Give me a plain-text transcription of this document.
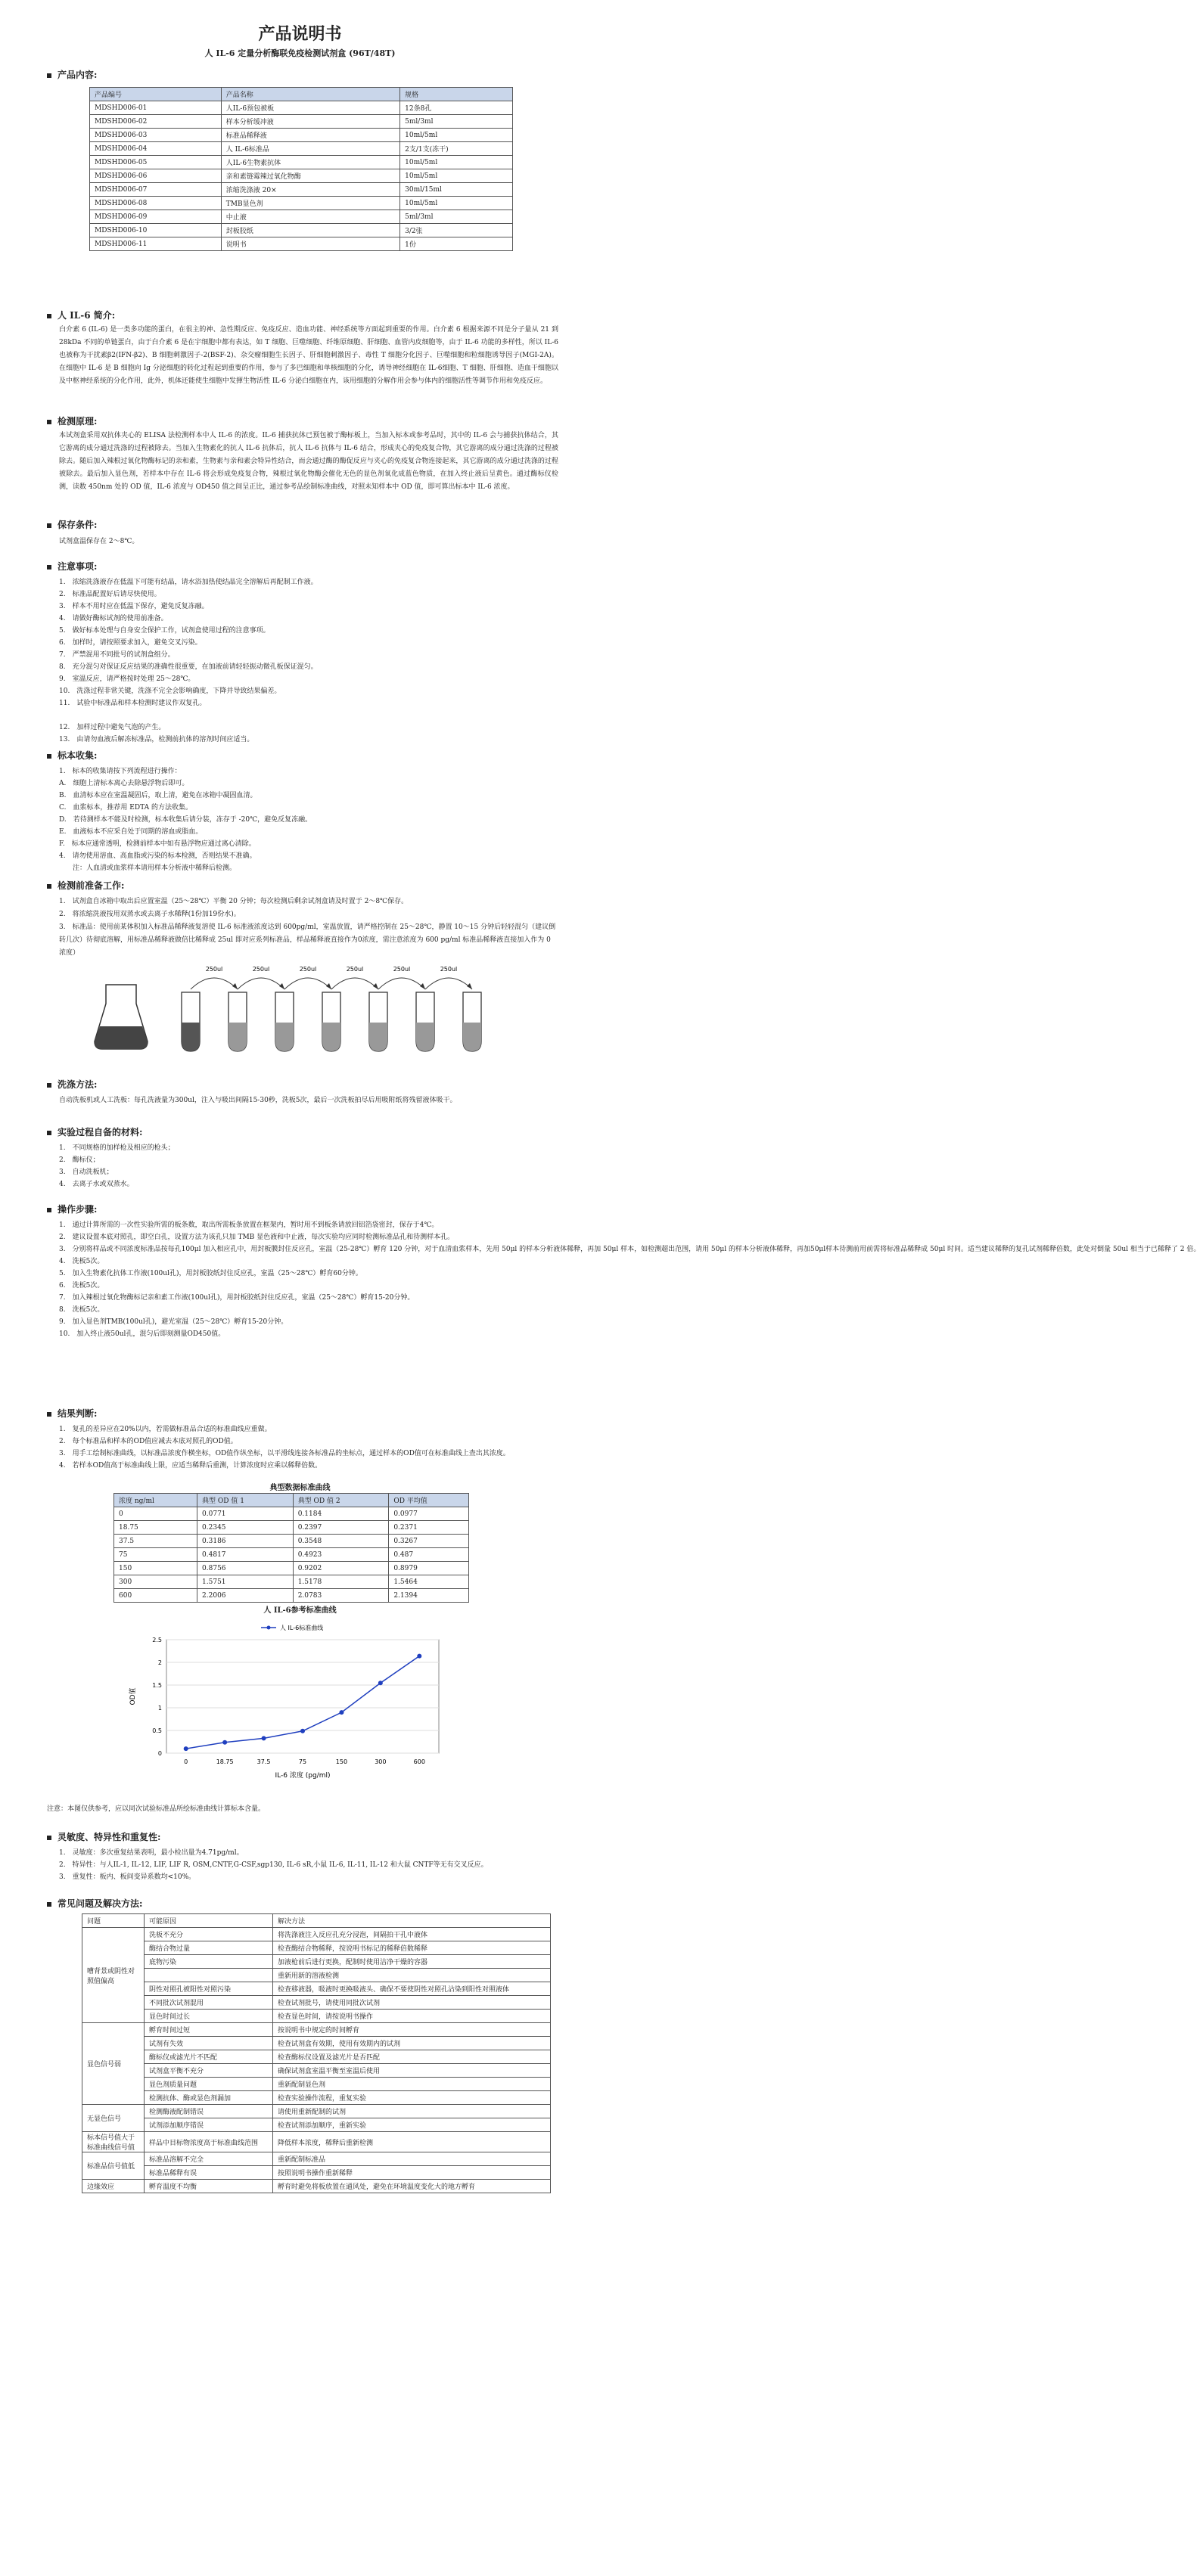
产品说明书
人 IL-6 定量分析酶联免疫检测试剂盒 (96T/48T)
产品内容:
产品编号	产品名称	规格
MDSHD006-01	人IL-6预包被板	12条8孔
MDSHD006-02	样本分析缓冲液	5ml/3ml
MDSHD006-03	标准品稀释液	10ml/5ml
MDSHD006-04	人 IL-6标准品	2支/1支(冻干)
MDSHD006-05	人IL-6生物素抗体	10ml/5ml
MDSHD006-06	亲和素链霉辣过氧化物酶	10ml/5ml
MDSHD006-07	浓缩洗涤液 20×	30ml/15ml
MDSHD006-08	TMB显色剂	10ml/5ml
MDSHD006-09	中止液	5ml/3ml
MDSHD006-10	封板胶纸	3/2张
MDSHD006-11	说明书	1份
人 IL-6 简介:
白介素 6 (IL-6) 是一类多功能的蛋白，在很主的神、急性期反应、免疫反应、造血功能、神经系统等方面起到重要的作用。白介素 6 根据来源不同是分子量从 21 到 28kDa 不同的单链蛋白，由于白介素 6 是在宇细胞中都有表达，如 T 细胞、巨噬细胞、纤维原细胞、肝细胞、血管内皮细胞等，由于 IL-6 功能的多样性，所以 IL-6也被称为干扰素β2(IFN-β2)、B 细胞刺激因子-2(BSF-2)、杂交瘤细胞生长因子、肝细胞刺激因子、毒性 T 细胞分化因子、巨噬细胞和粒细胞诱导因子(MGI-2A)。在细胞中 IL-6 是 B 细胞向 Ig 分泌细胞的转化过程起到重要的作用，参与了多巴细胞和单核细胞的分化，诱导神经细胞在 IL-6细胞、T 细胞、肝细胞、造血干细胞以及中枢神经系统的分化作用，此外，机体还能使生细胞中发揮生物活性 IL-6 分泌白细胞在内，该用细胞的分解作用会参与体内的细胞活性等调节作用和免疫反应。
检测原理:
本试剂盒采用双抗体夹心的 ELISA 法检测样本中人 IL-6 的浓度。IL-6 捕获抗体已预包被于酶标板上，当加入标本或参考品时，其中的 IL-6 会与捕获抗体结合，其它游离的成分通过洗涤的过程被除去。当加入生物素化的抗人 IL-6 抗体后，抗人 IL-6 抗体与 IL-6 结合，形成夹心的免疫复合物，其它游离的成分通过洗涤的过程被除去。随后加入辣根过氧化物酶标记的亲和素，生物素与亲和素会特异性结合，而会通过酶的酶促反应与夹心的免疫复合物连接起来，其它游离的成分通过洗涤的过程被除去。最后加入显色剂，若样本中存在 IL-6 将会形成免疫复合物，辣根过氧化物酶会催化无色的显色剂氧化成蓝色物质，在加入终止液后呈黄色。通过酶标仪检测，读数 450nm 处的 OD 值，IL-6 浓度与 OD450 值之间呈正比，通过参考品绘制标准曲线，对照未知样本中 OD 值，即可算出标本中 IL-6 浓度。
保存条件:
试剂盒温保存在 2～8℃。
注意事项:
1.　浓缩洗涤液存在低温下可能有结晶，请水浴加热使结晶完全溶解后再配制工作液。
2.　标准品配置好后请尽快使用。
3.　样本不用时应在低温下保存，避免反复冻融。
4.　请做好酶标试剂的使用前准备。
5.　做好标本处理与自身安全保护工作，试剂盒使用过程的注意事项。
6.　加样时，请按照要求加入，避免交叉污染。
7.　严禁混用不同批号的试剂盒组分。
8.　充分混匀对保证反应结果的准确性很重要，在加液前请轻轻振动微孔板保证混匀。
9.　室温反应，请严格按时处理 25～28℃。
10.　洗涤过程非常关键，洗涤不完全会影响确度，下降并导致结果偏差。
11.　试验中标准品和样本检测时建议作双复孔。

12.　加样过程中避免气泡的产生。
13.　由请勿血液后解冻标准品，检测前抗体的溶剂时间应适当。
标本收集:
1.　标本的收集请按下列流程进行操作：
A.　细胞上清标本离心去除悬浮物后即可。
B.　血清标本应在室温凝固后，取上清，避免在冰箱中凝固血清。
C.　血浆标本，推荐用 EDTA 的方法收集。
D.　若待测样本不能及时检测，标本收集后请分装，冻存于 -20℃，避免反复冻融。
E.　血液标本不应采自处于同期的溶血或脂血。
F.　标本应通常透明，检测前样本中如有悬浮物应通过离心清除。
4.　请勿使用溶血、高血脂或污染的标本检测，否则结果不准确。
　　注：人血清或血浆样本请用样本分析液中稀释后检测。
检测前准备工作:
1.　试剂盒自冰箱中取出后应置室温（25～28℃）平衡 20 分钟；每次检测后剩余试剂盒请及时置于 2～8℃保存。
2.　将浓缩洗液按用双蒸水或去离子水稀释(1份加19份水)。
3.　标准品：使用前某体积加入标准品稀释液复溶使 IL-6 标准液浓度达到 600pg/ml，室温放置，请严格控制在 25～28℃，静置 10～15 分钟后轻轻混匀（建议倒转几次）待彻底溶解，用标准品稀释液做倍比稀释成 25ul 即对应系列标准品，样品稀释液直接作为0浓度，需注意浓度为 600 pg/ml 标准品稀释液直接加入作为 0 浓度）
250ul	250ul	250ul	250ul	250ul	250ul
洗涤方法:
自动洗板机或人工洗板：每孔洗液量为300ul，注入与吸出间隔15-30秒，洗板5次，最后一次洗板拍尽后用吸附纸将残留液体吸干。
实验过程自备的材料:
1.　不同规格的加样枪及相应的枪头；
2.　酶标仪；
3.　自动洗板机；
4.　去离子水或双蒸水。
操作步骤:
1.　通过计算所需的一次性实验所需的板条数，取出所需板条放置在框架内，暂时用不到板条请放回铝箔袋密封，保存于4℃。
2.　建议设置本底对照孔，即空白孔，设置方法为该孔只加 TMB 显色液和中止液，每次实验均应同时检测标准品孔和待测样本孔。
3.　分别将样品或不同浓度标准品按每孔100μl 加入相应孔中，用封板膜封住反应孔，室温（25-28℃）孵育 120 分钟，对于血清血浆样本，先用 50μl 的样本分析液体稀释，再加 50μl 样本，如检测超出范围，请用 50μl 的样本分析液体稀释，再加50μl样本待测前用前需将标准品稀释成 50μl 时间。适当建议稀释的复孔试剂稀释倍数，此处对倒量 50ul 相当于已稀释了 2 倍。
4.　洗板5次。
5.　加入生物素化抗体工作液(100ul孔)，用封板胶纸封住反应孔，室温（25～28℃）孵育60分钟。
6.　洗板5次。
7.　加入辣根过氧化物酶标记亲和素工作液(100ul孔)，用封板胶纸封住反应孔，室温（25～28℃）孵育15-20分钟。
8.　洗板5次。
9.　加入显色剂TMB(100ul孔)，避光室温（25～28℃）孵育15-20分钟。
10.　加入终止液50ul孔，混匀后即刻测量OD450值。
结果判断:
1.　复孔的差异应在20%以内，若需做标准品合适的标准曲线应重做。
2.　每个标准品和样本的OD值应减去本底对照孔的OD值。
3.　用手工绘制标准曲线，以标准品浓度作横坐标，OD值作纵坐标，以平滑线连接各标准品的坐标点，通过样本的OD值可在标准曲线上查出其浓度。
4.　若样本OD值高于标准曲线上限，应适当稀释后重测，计算浓度时应乘以稀释倍数。
典型数据标准曲线
浓度 ng/ml	典型 OD 值 1	典型 OD 值 2	OD 平均值
0	0.0771	0.1184	0.0977
18.75	0.2345	0.2397	0.2371
37.5	0.3186	0.3548	0.3267
75	0.4817	0.4923	0.487
150	0.8756	0.9202	0.8979
300	1.5751	1.5178	1.5464
600	2.2006	2.0783	2.1394
人 IL-6参考标准曲线
0
0.5
1
1.5
2
2.5
0	18.75	37.5	75	150	300	600
人 IL-6标准曲线
IL-6 浓度 (pg/ml)
OD值
注意：本图仅供参考，应以同次试验标准品所绘标准曲线计算标本含量。
灵敏度、特异性和重复性:
1.　灵敏度：多次重复结果表明，最小检出量为4.71pg/ml。
2.　特异性：与人IL-1, IL-12, LIF, LIF R, OSM,CNTF,G-CSF,sgp130, IL-6 sR,小鼠 IL-6, IL-11, IL-12 和大鼠 CNTF等无有交叉反应。
3.　重复性：板内、板间变异系数均<10%。
常见问题及解决方法:
问题	可能原因	解决方法
嘈背景或阴性对照值偏高	洗板不充分	将洗涤液注入反应孔充分浸泡，间隔拍干孔中液体
	酶结合物过量	检查酶结合物稀释，按说明书标记的稀释倍数稀释
	底物污染	加液枪前后进行更换，配制时使用洁净干燥的容器
		重新用新的溶液检测
	阴性对照孔被阳性对照污染	检查移液器，吸液时更换吸液头、确保不要使阴性对照孔沾染到阳性对照液体
	不同批次试剂混用	检查试剂批号，请使用同批次试剂
	显色时间过长	检查显色时间，请按说明书操作
显色信号弱	孵育时间过短	按说明书中规定的时间孵育
	试剂有失效	检查试剂盒有效期，使用有效期内的试剂
	酶标仪或滤光片不匹配	检查酶标仪设置及滤光片是否匹配
	试剂盒平衡不充分	确保试剂盒室温平衡至室温后使用
	显色剂质量问题	重新配制显色剂
	检测抗体、酶或显色剂漏加	检查实验操作流程，重复实验
无显色信号	检测酶液配制错误	请使用重新配制的试剂
	试剂添加顺序错误	检查试剂添加顺序，重新实验
标本信号值大于标准曲线信号值	样品中目标物浓度高于标准曲线范围	降低样本浓度，稀释后重新检测
标准品信号值低	标准品溶解不完全	重新配制标准品
	标准品稀释有误	按照说明书操作重新稀释
边缘效应	孵育温度不均衡	孵育时避免将板放置在通风处，避免在环境温度变化大的地方孵育
